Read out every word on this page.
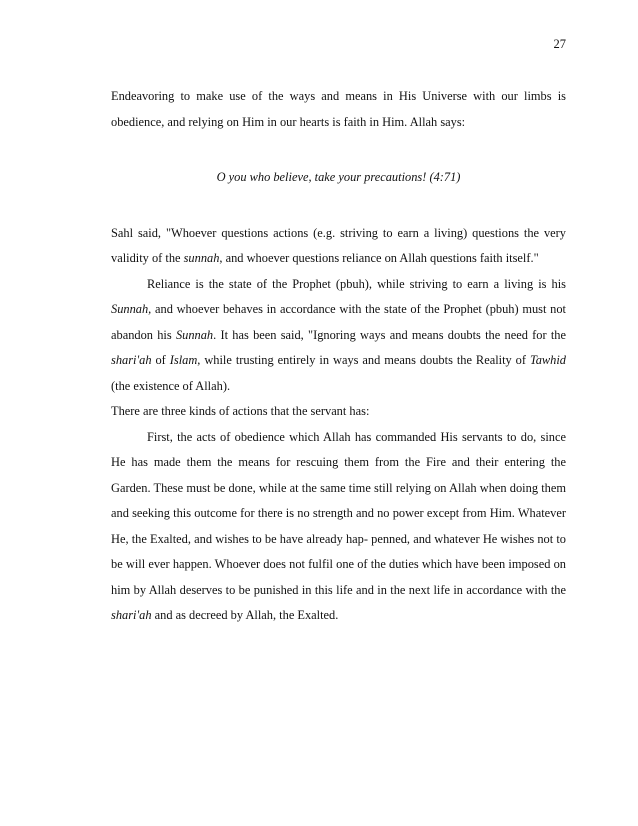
27

Endeavoring to make use of the ways and means in His Universe with our limbs is obedience, and relying on Him in our hearts is faith in Him. Allah says:

O you who believe, take your precautions! (4:71)

Sahl said, "Whoever questions actions (e.g. striving to earn a living) questions the very validity of the sunnah, and whoever questions reliance on Allah questions faith itself."

Reliance is the state of the Prophet (pbuh), while striving to earn a living is his Sunnah, and whoever behaves in accordance with the state of the Prophet (pbuh) must not abandon his Sunnah. It has been said, "Ignoring ways and means doubts the need for the shari'ah of Islam, while trusting entirely in ways and means doubts the Reality of Tawhid (the existence of Allah).

There are three kinds of actions that the servant has:

First, the acts of obedience which Allah has commanded His servants to do, since He has made them the means for rescuing them from the Fire and their entering the Garden. These must be done, while at the same time still relying on Allah when doing them and seeking this outcome for there is no strength and no power except from Him. Whatever He, the Exalted, and wishes to be have already hap- penned, and whatever He wishes not to be will ever happen. Whoever does not fulfil one of the duties which have been imposed on him by Allah deserves to be punished in this life and in the next life in accordance with the shari'ah and as decreed by Allah, the Exalted.
